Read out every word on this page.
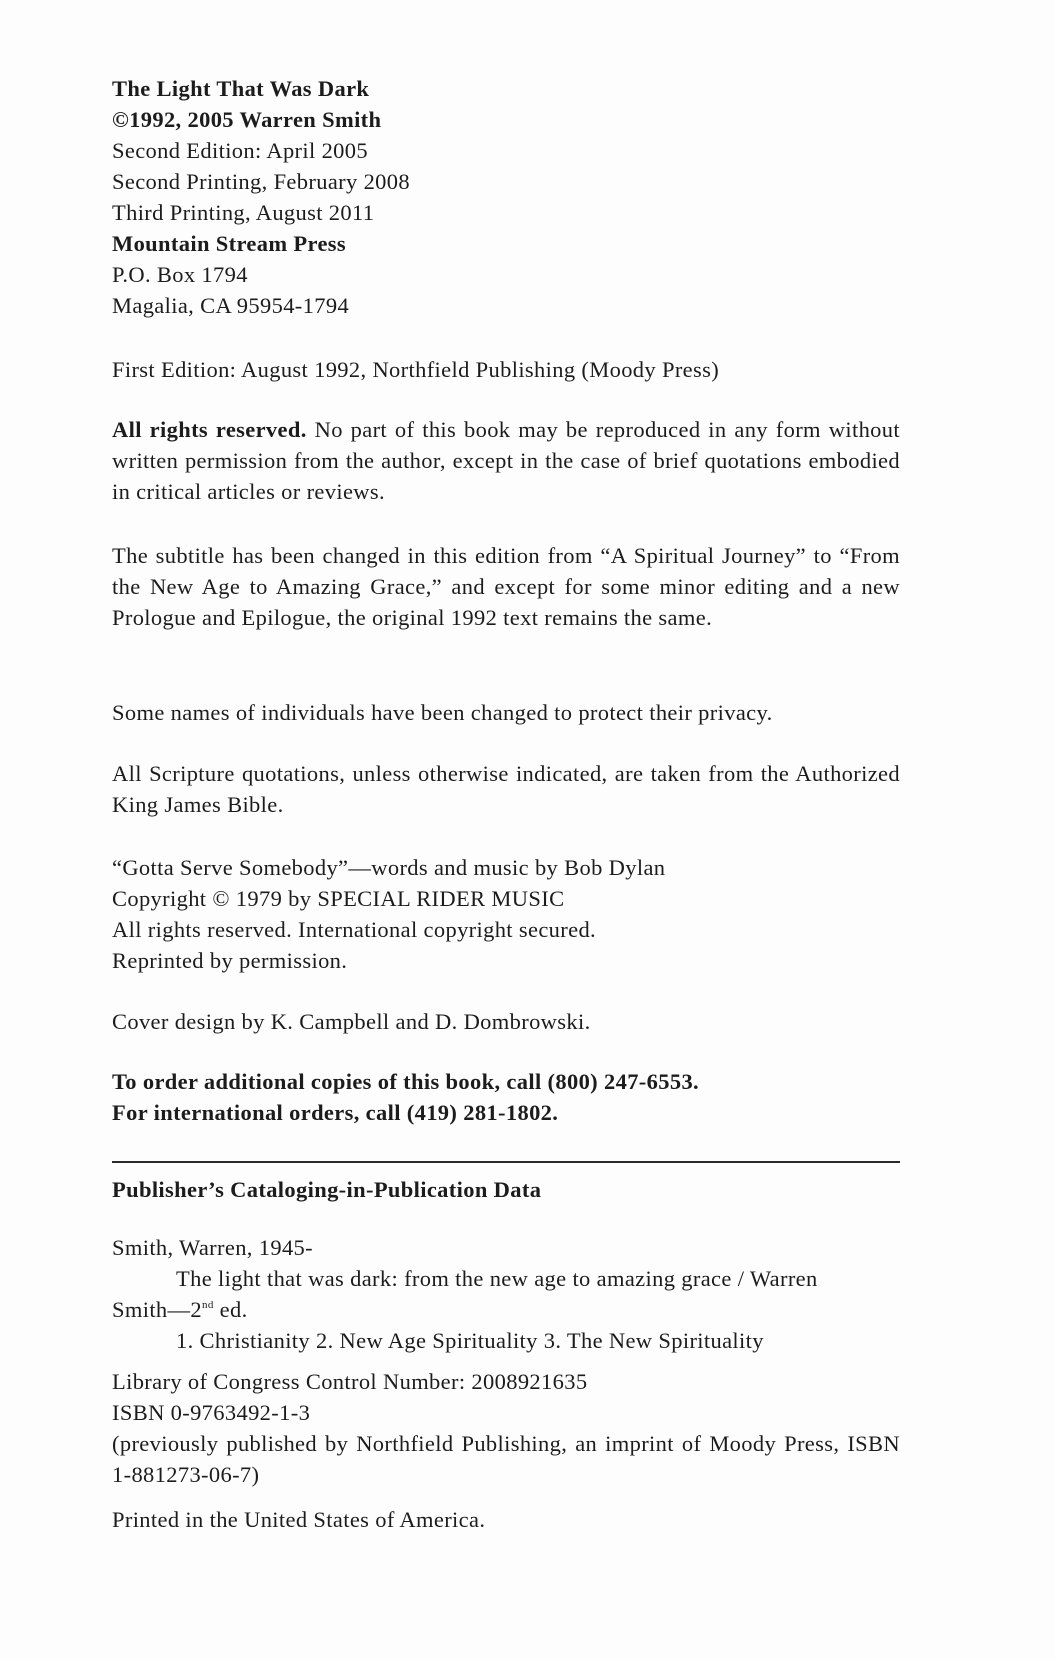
The Light That Was Dark
©1992, 2005 Warren Smith
Second Edition: April 2005
Second Printing, February 2008
Third Printing, August 2011
Mountain Stream Press
P.O. Box 1794
Magalia, CA 95954-1794
First Edition: August 1992, Northfield Publishing (Moody Press)
All rights reserved. No part of this book may be reproduced in any form without written permission from the author, except in the case of brief quotations embodied in critical articles or reviews.
The subtitle has been changed in this edition from “A Spiritual Journey” to “From the New Age to Amazing Grace,” and except for some minor editing and a new Prologue and Epilogue, the original 1992 text remains the same.
Some names of individuals have been changed to protect their privacy.
All Scripture quotations, unless otherwise indicated, are taken from the Authorized King James Bible.
“Gotta Serve Somebody”—words and music by Bob Dylan
Copyright © 1979 by SPECIAL RIDER MUSIC
All rights reserved. International copyright secured.
Reprinted by permission.
Cover design by K. Campbell and D. Dombrowski.
To order additional copies of this book, call (800) 247-6553.
For international orders, call (419) 281-1802.
Publisher’s Cataloging-in-Publication Data
Smith, Warren, 1945-
The light that was dark: from the new age to amazing grace / Warren
Smith—2nd ed.
1. Christianity 2. New Age Spirituality 3. The New Spirituality
Library of Congress Control Number: 2008921635
ISBN 0-9763492-1-3
(previously published by Northfield Publishing, an imprint of Moody Press, ISBN 1-881273-06-7)
Printed in the United States of America.
